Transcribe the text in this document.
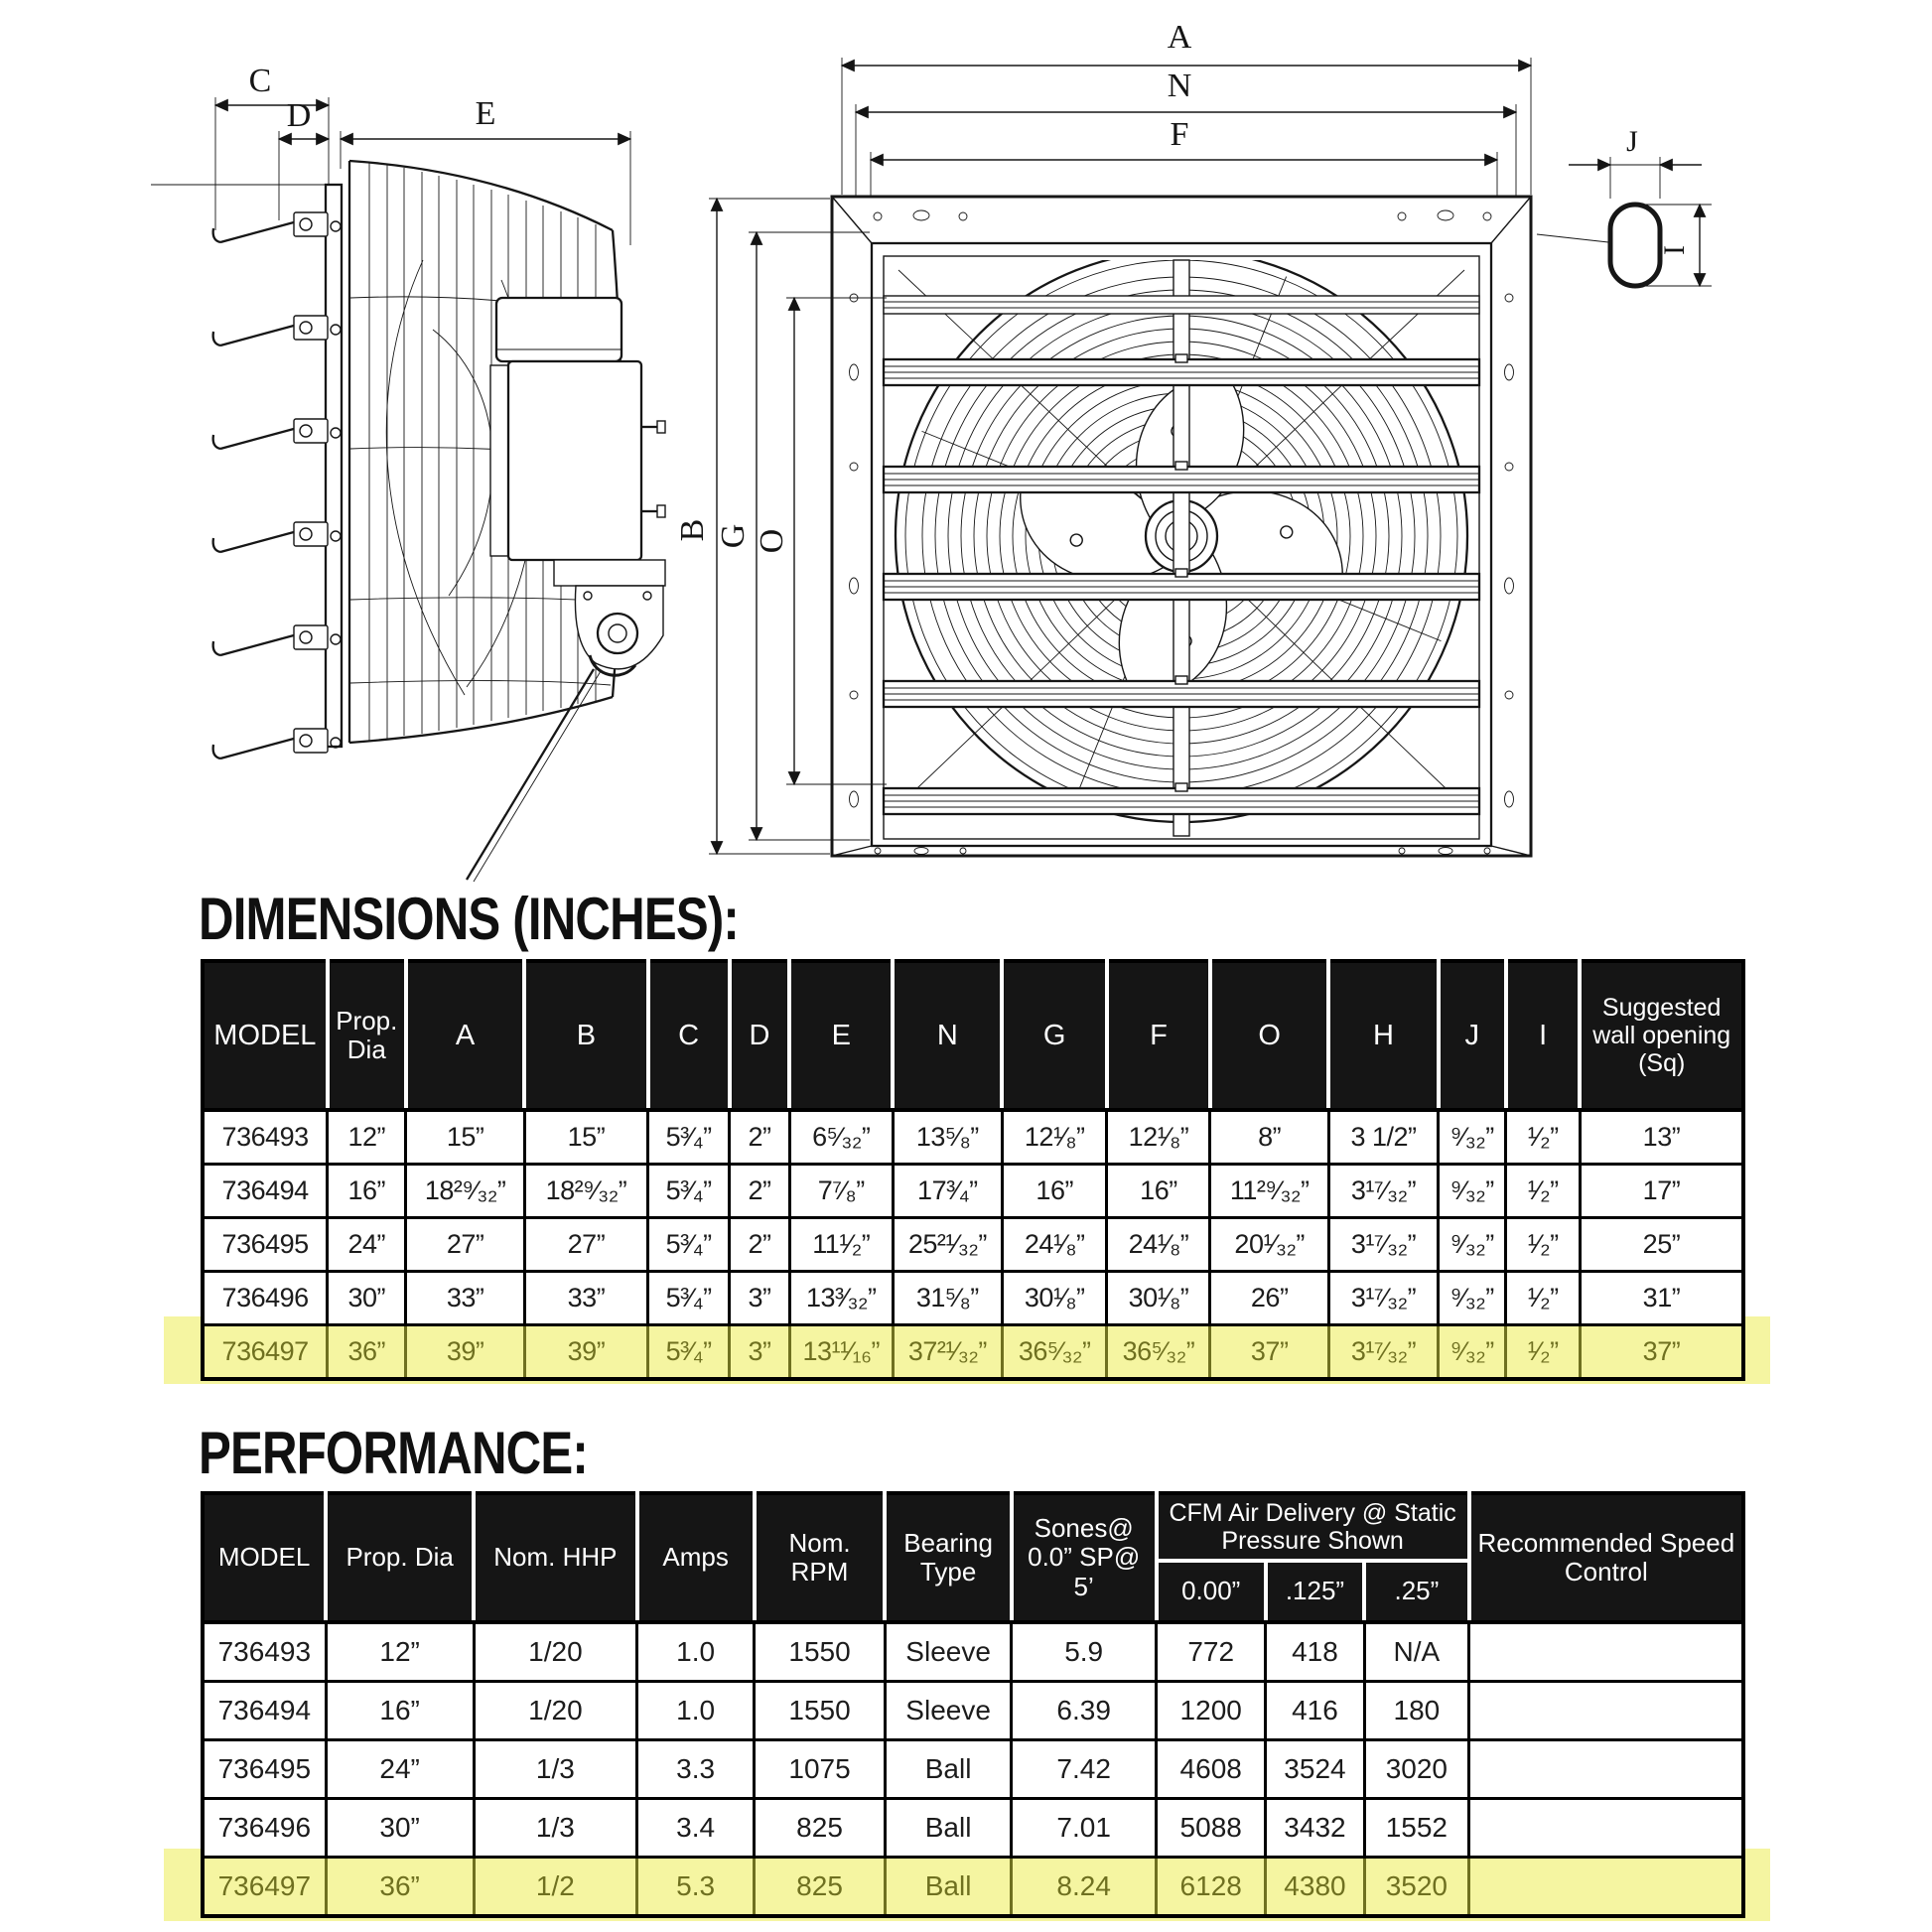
C
D	E
A
N
F
B G O
J
I
DIMENSIONS (INCHES):
PERFORMANCE:
MODEL	Prop. Dia	A	B	C	D	E	N	G	F	O	H	J	I	Suggested wall opening (Sq)
736493	12”	15”	15”	5³⁄₄”	2”	6⁵⁄₃₂”	13⁵⁄₈”	12¹⁄₈”	12¹⁄₈”	8”	3 1/2”	⁹⁄₃₂”	¹⁄₂”	13”
736494	16”	18²⁹⁄₃₂”	18²⁹⁄₃₂”	5³⁄₄”	2”	7⁷⁄₈”	17³⁄₄”	16”	16”	11²⁹⁄₃₂”	3¹⁷⁄₃₂”	⁹⁄₃₂”	¹⁄₂”	17”
736495	24”	27”	27”	5³⁄₄”	2”	11¹⁄₂”	25²¹⁄₃₂”	24¹⁄₈”	24¹⁄₈”	20¹⁄₃₂”	3¹⁷⁄₃₂”	⁹⁄₃₂”	¹⁄₂”	25”
736496	30”	33”	33”	5³⁄₄”	3”	13³⁄₃₂”	31⁵⁄₈”	30¹⁄₈”	30¹⁄₈”	26”	3¹⁷⁄₃₂”	⁹⁄₃₂”	¹⁄₂”	31”
736497	36”	39”	39”	5³⁄₄”	3”	13¹¹⁄₁₆”	37²¹⁄₃₂”	36⁵⁄₃₂”	36⁵⁄₃₂”	37”	3¹⁷⁄₃₂”	⁹⁄₃₂”	¹⁄₂”	37”
MODEL	Prop. Dia	Nom. HHP	Amps	Nom. RPM	Bearing Type	Sones@ 0.0” SP@ 5’	CFM Air Delivery @ Static Pressure Shown			Recommended Speed Control
							0.00”	.125”	.25”	
736493	12”	1/20	1.0	1550	Sleeve	5.9	772	418	N/A	
736494	16”	1/20	1.0	1550	Sleeve	6.39	1200	416	180	
736495	24”	1/3	3.3	1075	Ball	7.42	4608	3524	3020	
736496	30”	1/3	3.4	825	Ball	7.01	5088	3432	1552	
736497	36”	1/2	5.3	825	Ball	8.24	6128	4380	3520	
